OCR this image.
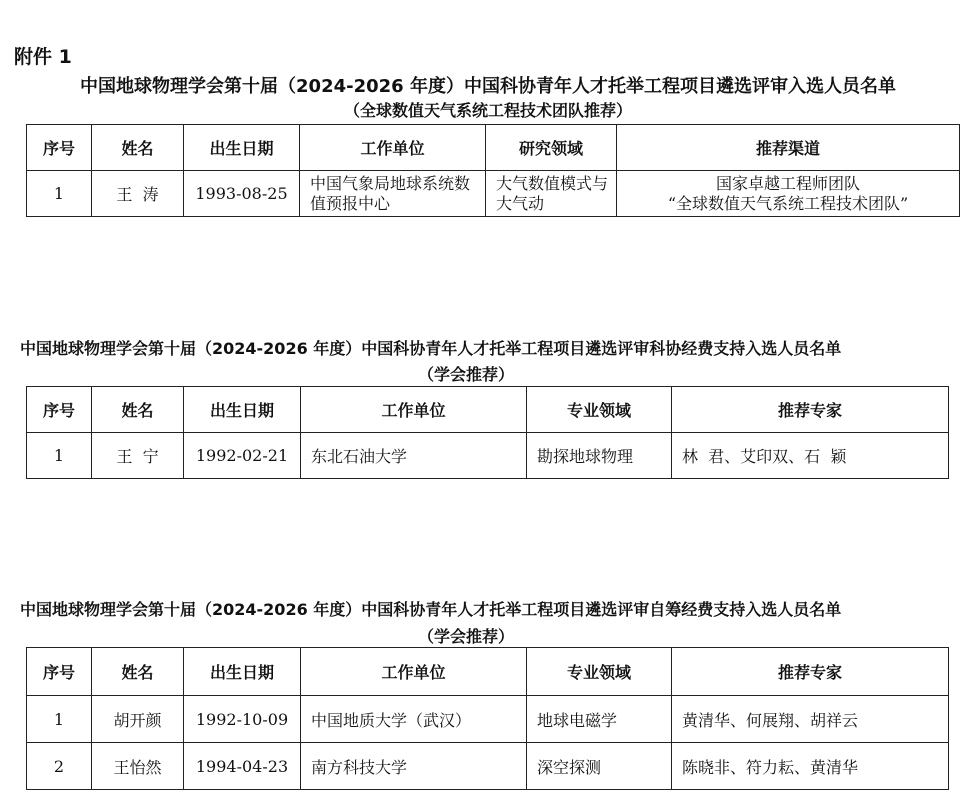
附件 1
中国地球物理学会第十届（2024-2026 年度）中国科协青年人才托举工程项目遴选评审入选人员名单
（全球数值天气系统工程技术团队推荐）
序号	姓名	出生日期	工作单位	研究领域	推荐渠道
1	王  涛	1993-08-25	中国气象局地球系统数值预报中心	大气数值模式与大气动	国家卓越工程师团队
“全球数值天气系统工程技术团队”
中国地球物理学会第十届（2024-2026 年度）中国科协青年人才托举工程项目遴选评审科协经费支持入选人员名单
（学会推荐）
序号	姓名	出生日期	工作单位	专业领域	推荐专家
1	王  宁	1992-02-21	东北石油大学	勘探地球物理	林  君、艾印双、石  颖
中国地球物理学会第十届（2024-2026 年度）中国科协青年人才托举工程项目遴选评审自筹经费支持入选人员名单
（学会推荐）
序号	姓名	出生日期	工作单位	专业领域	推荐专家
1	胡开颜	1992-10-09	中国地质大学（武汉）	地球电磁学	黄清华、何展翔、胡祥云
2	王怡然	1994-04-23	南方科技大学	深空探测	陈晓非、符力耘、黄清华
